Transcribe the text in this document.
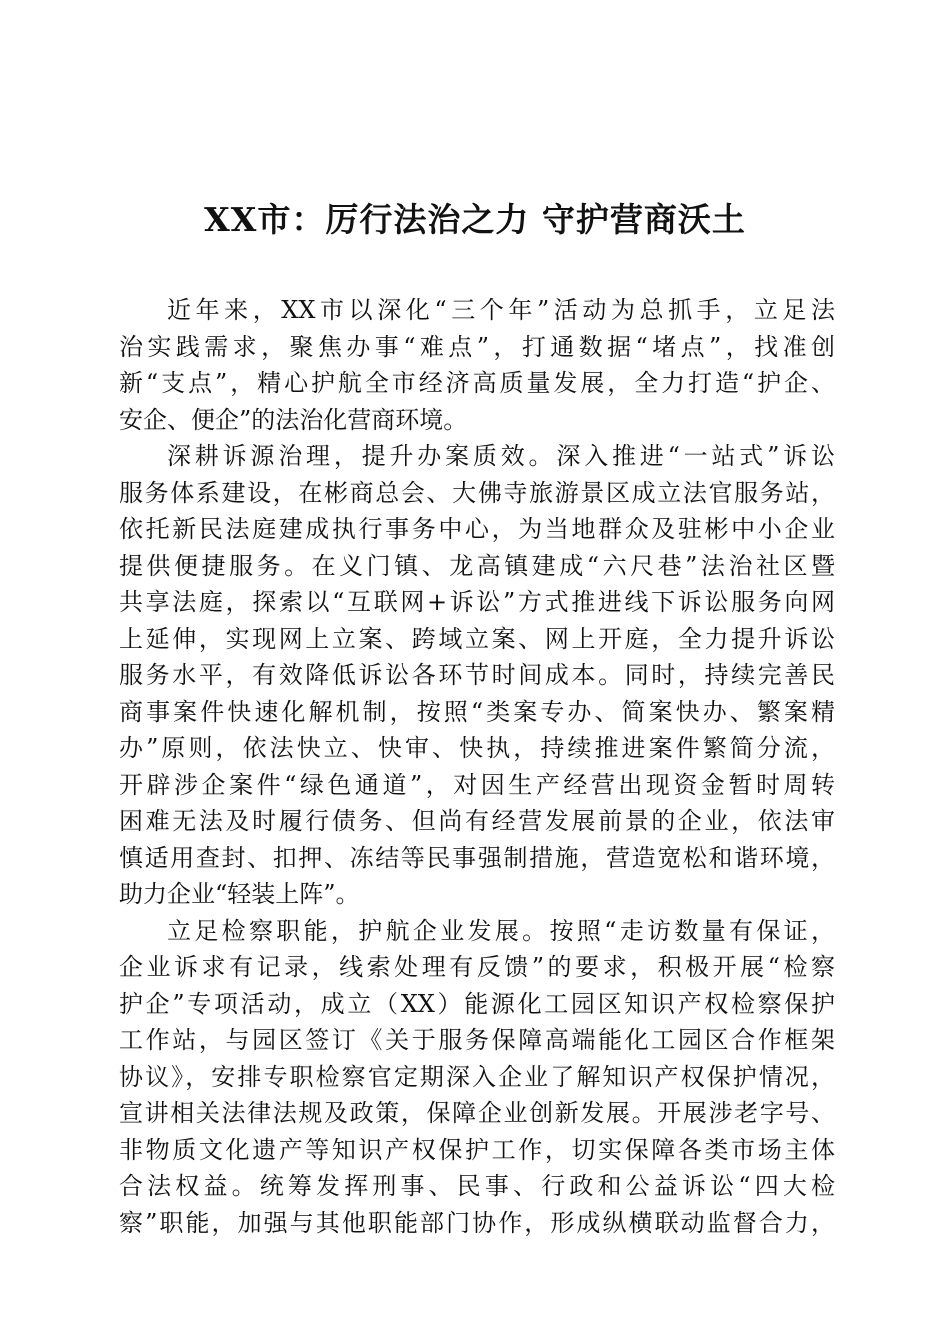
XX市：厉行法治之力 守护营商沃土
近年来，XX市以深化“三个年”活动为总抓手，立足法
治实践需求，聚焦办事“难点”，打通数据“堵点”，找准创
新“支点”，精心护航全市经济高质量发展，全力打造“护企、
安企、便企”的法治化营商环境。
深耕诉源治理，提升办案质效。深入推进“一站式”诉讼
服务体系建设，在彬商总会、大佛寺旅游景区成立法官服务站，
依托新民法庭建成执行事务中心，为当地群众及驻彬中小企业
提供便捷服务。在义门镇、龙高镇建成“六尺巷”法治社区暨
共享法庭，探索以“互联网+诉讼”方式推进线下诉讼服务向网
上延伸，实现网上立案、跨域立案、网上开庭，全力提升诉讼
服务水平，有效降低诉讼各环节时间成本。同时，持续完善民
商事案件快速化解机制，按照“类案专办、简案快办、繁案精
办”原则，依法快立、快审、快执，持续推进案件繁简分流，
开辟涉企案件“绿色通道”，对因生产经营出现资金暂时周转
困难无法及时履行债务、但尚有经营发展前景的企业，依法审
慎适用查封、扣押、冻结等民事强制措施，营造宽松和谐环境，
助力企业“轻装上阵”。
立足检察职能，护航企业发展。按照“走访数量有保证，
企业诉求有记录，线索处理有反馈”的要求，积极开展“检察
护企”专项活动，成立（XX）能源化工园区知识产权检察保护
工作站，与园区签订《关于服务保障高端能化工园区合作框架
协议》，安排专职检察官定期深入企业了解知识产权保护情况，
宣讲相关法律法规及政策，保障企业创新发展。开展涉老字号、
非物质文化遗产等知识产权保护工作，切实保障各类市场主体
合法权益。统筹发挥刑事、民事、行政和公益诉讼“四大检
察”职能，加强与其他职能部门协作，形成纵横联动监督合力，
